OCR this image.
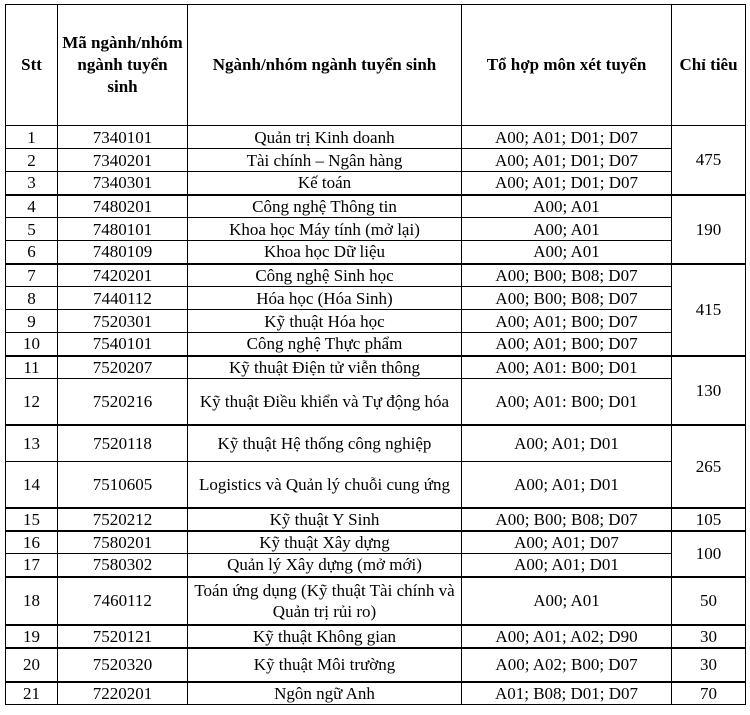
Stt	Mã ngành/nhóm ngành tuyển sinh	Ngành/nhóm ngành tuyển sinh	Tổ hợp môn xét tuyển	Chỉ tiêu
1	7340101	Quản trị Kinh doanh	A00; A01; D01; D07	475
2	7340201	Tài chính – Ngân hàng	A00; A01; D01; D07	
3	7340301	Kế toán	A00; A01; D01; D07	
4	7480201	Công nghệ Thông tin	A00; A01	190
5	7480101	Khoa học Máy tính (mở lại)	A00; A01	
6	7480109	Khoa học Dữ liệu	A00; A01	
7	7420201	Công nghệ Sinh học	A00; B00; B08; D07	415
8	7440112	Hóa học (Hóa Sinh)	A00; B00; B08; D07	
9	7520301	Kỹ thuật Hóa học	A00; A01; B00; D07	
10	7540101	Công nghệ Thực phẩm	A00; A01; B00; D07	
11	7520207	Kỹ thuật Điện tử viễn thông	A00; A01: B00; D01	130
12	7520216	Kỹ thuật Điều khiển và Tự động hóa	A00; A01: B00; D01	
13	7520118	Kỹ thuật Hệ thống công nghiệp	A00; A01; D01	265
14	7510605	Logistics và Quản lý chuỗi cung ứng	A00; A01; D01	
15	7520212	Kỹ thuật Y Sinh	A00; B00; B08; D07	105
16	7580201	Kỹ thuật Xây dựng	A00; A01; D07	100
17	7580302	Quản lý Xây dựng (mở mới)	A00; A01; D01	
18	7460112	Toán ứng dụng (Kỹ thuật Tài chính và Quản trị rủi ro)	A00; A01	50
19	7520121	Kỹ thuật Không gian	A00; A01; A02; D90	30
20	7520320	Kỹ thuật Môi trường	A00; A02; B00; D07	30
21	7220201	Ngôn ngữ Anh	A01; B08; D01; D07	70
